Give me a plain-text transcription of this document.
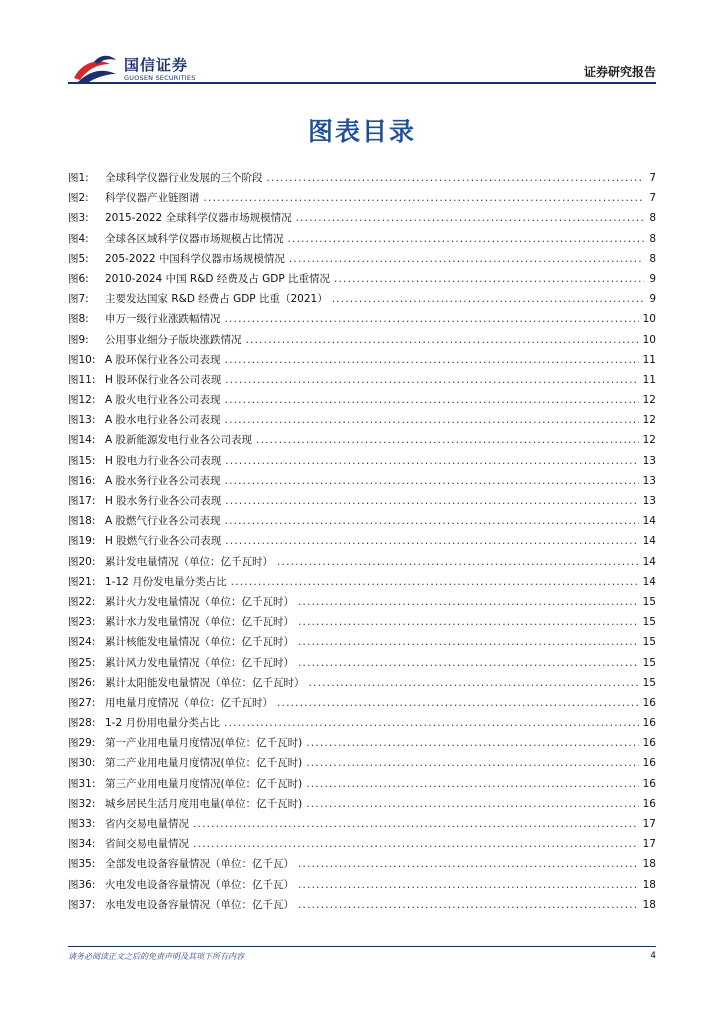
国信证券
GUOSEN SECURITIES	证券研究报告
图表目录
图1:	全球科学仪器行业发展的三个阶段 .....	7
图2:	科学仪器产业链图谱 .....	7
图3:	2015-2022 全球科学仪器市场规模情况 .....	8
图4:	全球各区域科学仪器市场规模占比情况 .....	8
图5:	205-2022 中国科学仪器市场规模情况 .....	8
图6:	2010-2024 中国 R&D 经费及占 GDP 比重情况 .....	9
图7:	主要发达国家 R&D 经费占 GDP 比重（2021） .....	9
图8:	申万一级行业涨跌幅情况 .....	10
图9:	公用事业细分子版块涨跌情况 .....	10
图10: A 股环保行业各公司表现 .....	11
图11: H 股环保行业各公司表现 .....	11
图12: A 股火电行业各公司表现 .....	12
图13: A 股水电行业各公司表现 .....	12
图14: A 股新能源发电行业各公司表现 .....	12
图15: H 股电力行业各公司表现 .....	13
图16: A 股水务行业各公司表现 .....	13
图17: H 股水务行业各公司表现 .....	13
图18: A 股燃气行业各公司表现 .....	14
图19: H 股燃气行业各公司表现 .....	14
图20: 累计发电量情况（单位：亿千瓦时） .....	14
图21: 1-12 月份发电量分类占比 .....	14
图22: 累计火力发电量情况（单位：亿千瓦时） .....	15
图23: 累计水力发电量情况（单位：亿千瓦时） .....	15
图24: 累计核能发电量情况（单位：亿千瓦时） .....	15
图25: 累计风力发电量情况（单位：亿千瓦时） .....	15
图26: 累计太阳能发电量情况（单位：亿千瓦时） .....	15
图27: 用电量月度情况（单位：亿千瓦时） .....	16
图28: 1-2 月份用电量分类占比 .....	16
图29: 第一产业用电量月度情况(单位：亿千瓦时) .....	16
图30: 第二产业用电量月度情况(单位：亿千瓦时) .....	16
图31: 第三产业用电量月度情况(单位：亿千瓦时) .....	16
图32: 城乡居民生活月度用电量(单位：亿千瓦时) .....	16
图33: 省内交易电量情况 .....	17
图34: 省间交易电量情况 .....	17
图35: 全部发电设备容量情况（单位：亿千瓦） .....	18
图36: 火电发电设备容量情况（单位：亿千瓦） .....	18
图37: 水电发电设备容量情况（单位：亿千瓦） .....	18
请务必阅读正文之后的免责声明及其项下所有内容	4
